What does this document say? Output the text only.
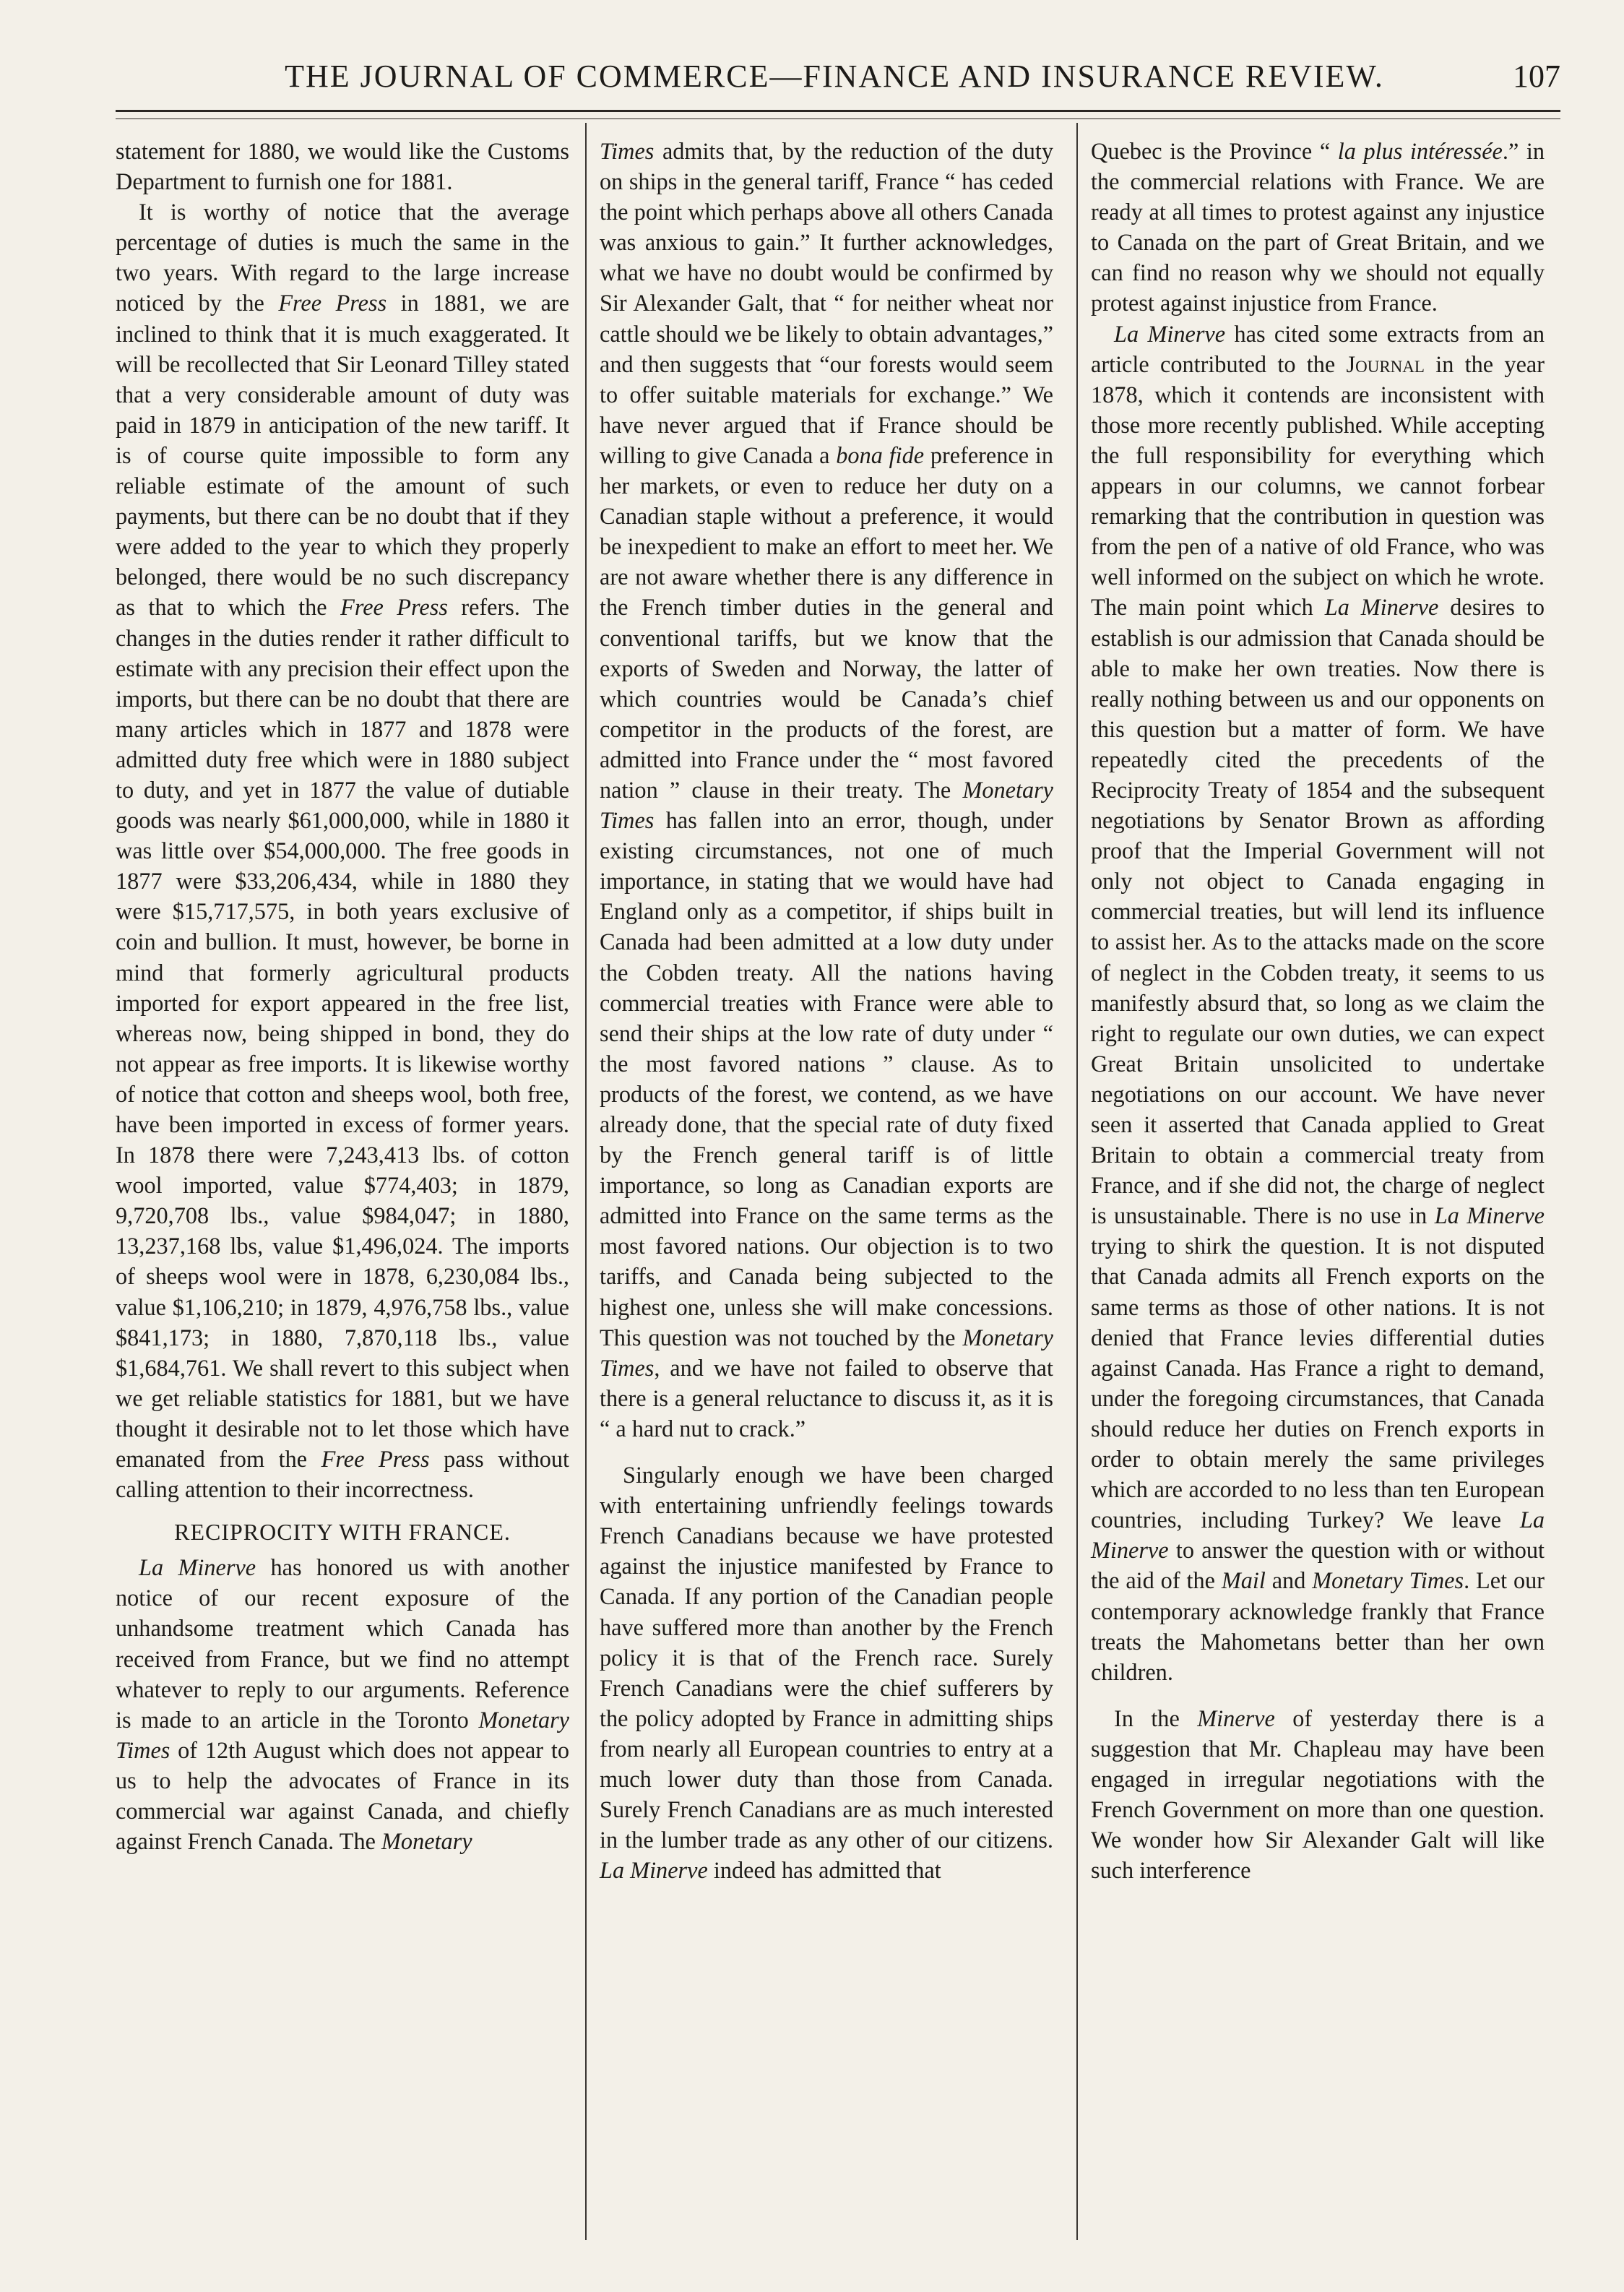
THE JOURNAL OF COMMERCE—FINANCE AND INSURANCE REVIEW.	107

statement for 1880, we would like the Customs Department to furnish one for 1881.

It is worthy of notice that the average percentage of duties is much the same in the two years. With regard to the large increase noticed by the Free Press in 1881, we are inclined to think that it is much exaggerated. It will be recollected that Sir Leonard Tilley stated that a very considerable amount of duty was paid in 1879 in anticipation of the new tariff. It is of course quite impossible to form any reliable estimate of the amount of such payments, but there can be no doubt that if they were added to the year to which they properly belonged, there would be no such discrepancy as that to which the Free Press refers. The changes in the duties render it rather difficult to estimate with any precision their effect upon the imports, but there can be no doubt that there are many articles which in 1877 and 1878 were admitted duty free which were in 1880 subject to duty, and yet in 1877 the value of dutiable goods was nearly $61,000,000, while in 1880 it was little over $54,000,000. The free goods in 1877 were $33,206,434, while in 1880 they were $15,717,575, in both years exclusive of coin and bullion. It must, however, be borne in mind that formerly agricultural products imported for export appeared in the free list, whereas now, being shipped in bond, they do not appear as free imports. It is likewise worthy of notice that cotton and sheeps wool, both free, have been imported in excess of former years. In 1878 there were 7,243,413 lbs. of cotton wool imported, value $774,403; in 1879, 9,720,708 lbs., value $984,047; in 1880, 13,237,168 lbs, value $1,496,024. The imports of sheeps wool were in 1878, 6,230,084 lbs., value $1,106,210; in 1879, 4,976,758 lbs., value $841,173; in 1880, 7,870,118 lbs., value $1,684,761. We shall revert to this subject when we get reliable statistics for 1881, but we have thought it desirable not to let those which have emanated from the Free Press pass without calling attention to their incorrectness.

RECIPROCITY WITH FRANCE.

La Minerve has honored us with another notice of our recent exposure of the unhandsome treatment which Canada has received from France, but we find no attempt whatever to reply to our arguments. Reference is made to an article in the Toronto Monetary Times of 12th August which does not appear to us to help the advocates of France in its commercial war against Canada, and chiefly against French Canada. The Monetary

Times admits that, by the reduction of the duty on ships in the general tariff, France “ has ceded the point which perhaps above all others Canada was anxious to gain.” It further acknowledges, what we have no doubt would be confirmed by Sir Alexander Galt, that “ for neither wheat nor cattle should we be likely to obtain advantages,” and then suggests that “our forests would seem to offer suitable materials for exchange.” We have never argued that if France should be willing to give Canada a bona fide preference in her markets, or even to reduce her duty on a Canadian staple without a preference, it would be inexpedient to make an effort to meet her. We are not aware whether there is any difference in the French timber duties in the general and conventional tariffs, but we know that the exports of Sweden and Norway, the latter of which countries would be Canada’s chief competitor in the products of the forest, are admitted into France under the “ most favored nation ” clause in their treaty. The Monetary Times has fallen into an error, though, under existing circumstances, not one of much importance, in stating that we would have had England only as a competitor, if ships built in Canada had been admitted at a low duty under the Cobden treaty. All the nations having commercial treaties with France were able to send their ships at the low rate of duty under “ the most favored nations ” clause. As to products of the forest, we contend, as we have already done, that the special rate of duty fixed by the French general tariff is of little importance, so long as Canadian exports are admitted into France on the same terms as the most favored nations. Our objection is to two tariffs, and Canada being subjected to the highest one, unless she will make concessions. This question was not touched by the Monetary Times, and we have not failed to observe that there is a general reluctance to discuss it, as it is “ a hard nut to crack.”

Singularly enough we have been charged with entertaining unfriendly feelings towards French Canadians because we have protested against the injustice manifested by France to Canada. If any portion of the Canadian people have suffered more than another by the French policy it is that of the French race. Surely French Canadians were the chief sufferers by the policy adopted by France in admitting ships from nearly all European countries to entry at a much lower duty than those from Canada. Surely French Canadians are as much interested in the lumber trade as any other of our citizens. La Minerve indeed has admitted that

Quebec is the Province “ la plus intéressée.” in the commercial relations with France. We are ready at all times to protest against any injustice to Canada on the part of Great Britain, and we can find no reason why we should not equally protest against injustice from France.

La Minerve has cited some extracts from an article contributed to the Journal in the year 1878, which it contends are inconsistent with those more recently published. While accepting the full responsibility for everything which appears in our columns, we cannot forbear remarking that the contribution in question was from the pen of a native of old France, who was well informed on the subject on which he wrote. The main point which La Minerve desires to establish is our admission that Canada should be able to make her own treaties. Now there is really nothing between us and our opponents on this question but a matter of form. We have repeatedly cited the precedents of the Reciprocity Treaty of 1854 and the subsequent negotiations by Senator Brown as affording proof that the Imperial Government will not only not object to Canada engaging in commercial treaties, but will lend its influence to assist her. As to the attacks made on the score of neglect in the Cobden treaty, it seems to us manifestly absurd that, so long as we claim the right to regulate our own duties, we can expect Great Britain unsolicited to undertake negotiations on our account. We have never seen it asserted that Canada applied to Great Britain to obtain a commercial treaty from France, and if she did not, the charge of neglect is unsustainable. There is no use in La Minerve trying to shirk the question. It is not disputed that Canada admits all French exports on the same terms as those of other nations. It is not denied that France levies differential duties against Canada. Has France a right to demand, under the foregoing circumstances, that Canada should reduce her duties on French exports in order to obtain merely the same privileges which are accorded to no less than ten European countries, including Turkey? We leave La Minerve to answer the question with or without the aid of the Mail and Monetary Times. Let our contemporary acknowledge frankly that France treats the Mahometans better than her own children.

In the Minerve of yesterday there is a suggestion that Mr. Chapleau may have been engaged in irregular negotiations with the French Government on more than one question. We wonder how Sir Alexander Galt will like such interference
